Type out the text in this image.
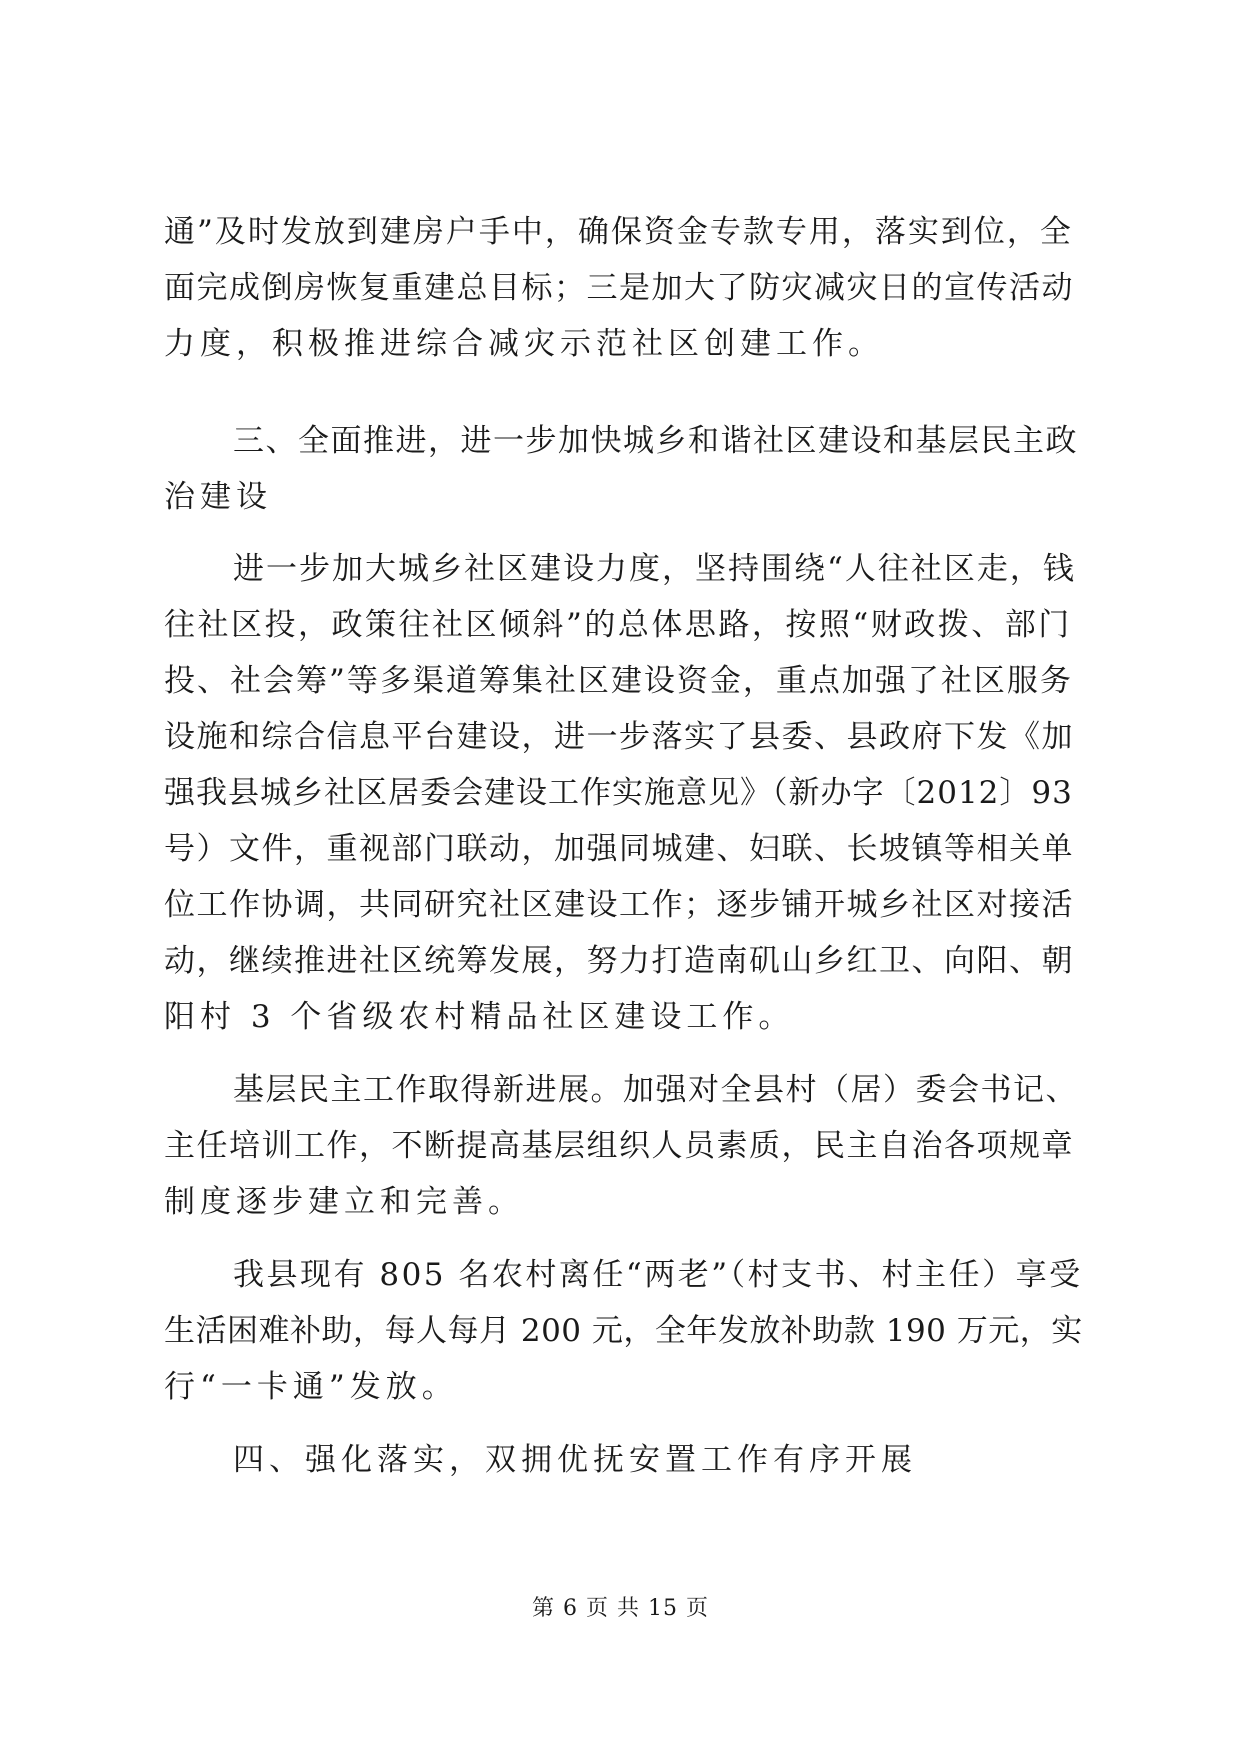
通”及时发放到建房户手中，确保资金专款专用，落实到位，全
面完成倒房恢复重建总目标；三是加大了防灾减灾日的宣传活动
力度，积极推进综合减灾示范社区创建工作。
三、全面推进，进一步加快城乡和谐社区建设和基层民主政
治建设
进一步加大城乡社区建设力度，坚持围绕“人往社区走，钱
往社区投，政策往社区倾斜”的总体思路，按照“财政拨、部门
投、社会筹”等多渠道筹集社区建设资金，重点加强了社区服务
设施和综合信息平台建设，进一步落实了县委、县政府下发《加
强我县城乡社区居委会建设工作实施意见》（新办字〔2012〕93
号）文件，重视部门联动，加强同城建、妇联、长坡镇等相关单
位工作协调，共同研究社区建设工作；逐步铺开城乡社区对接活
动，继续推进社区统筹发展，努力打造南矶山乡红卫、向阳、朝
阳村 3 个省级农村精品社区建设工作。
基层民主工作取得新进展。加强对全县村（居）委会书记、
主任培训工作，不断提高基层组织人员素质，民主自治各项规章
制度逐步建立和完善。
我县现有 805 名农村离任“两老”（村支书、村主任）享受
生活困难补助，每人每月 200 元，全年发放补助款 190 万元，实
行“一卡通”发放。
四、强化落实，双拥优抚安置工作有序开展
第 6 页 共 15 页
